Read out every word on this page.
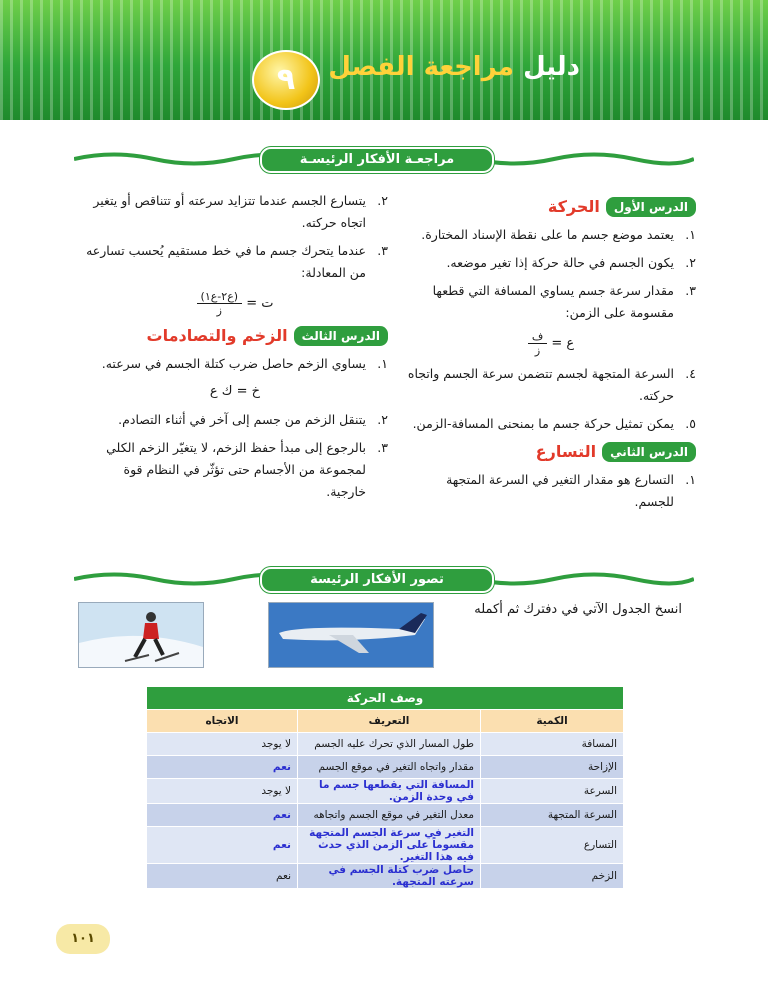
دليل مراجعة الفصل
٩
مراجعـة الأفكار الرئيسـة
الدرس الأول
الحركة
١.
يعتمد موضع جسم ما على نقطة الإسناد المختارة.
٢.
يكون الجسم في حالة حركة إذا تغير موضعه.
٣.
مقدار سرعة جسم يساوي المسافة التي قطعها مقسومة على الزمن:
ع =
$\frac{\text{ف}}{\text{ز}}$
٤.
السرعة المتجهة لجسم تتضمن سرعة الجسم واتجاه حركته.
٥.
يمكن تمثيل حركة جسم ما بمنحنى المسافة-الزمن.
الدرس الثاني
التسارع
١.
التسارع هو مقدار التغير في السرعة المتجهة للجسم.
٢.
يتسارع الجسم عندما تتزايد سرعته أو تتناقص أو يتغير اتجاه حركته.
٣.
عندما يتحرك جسم ما في خط مستقيم يُحسب تسارعه من المعادلة:
ت =
$\frac{\text{(ع٢-ع١)}}{\text{ز}}$
الدرس الثالث
الزخم والتصادمات
١.
يساوي الزخم حاصل ضرب كتلة الجسم في سرعته.
خ = ك ع
٢.
يتنقل الزخم من جسم إلى آخر في أثناء التصادم.
٣.
بالرجوع إلى مبدأ حفظ الزخم، لا يتغيّر الزخم الكلي لمجموعة من الأجسام حتى تؤثّر في النظام قوة خارجية.
تصور الأفكار الرئيسة
انسخ الجدول الآتي في دفترك ثم أكمله
وصف الحركة		
الكمية	التعريف	الاتجاه
المسافة	طول المسار الذي تحرك عليه الجسم	لا يوجد
الإزاحة	مقدار واتجاه التغير في موقع الجسم	نعم
السرعة	المسافة التي يقطعها جسم ما في وحدة الزمن.	لا يوجد
السرعة المتجهة	معدل التغير في موقع الجسم واتجاهه	نعم
التسارع	التغير في سرعة الجسم المتجهة مقسوماً على الزمن الذي حدث فيه هذا التغير.	نعم
الزخم	حاصل ضرب كتلة الجسم في سرعته المتجهة.	نعم
١٠١
